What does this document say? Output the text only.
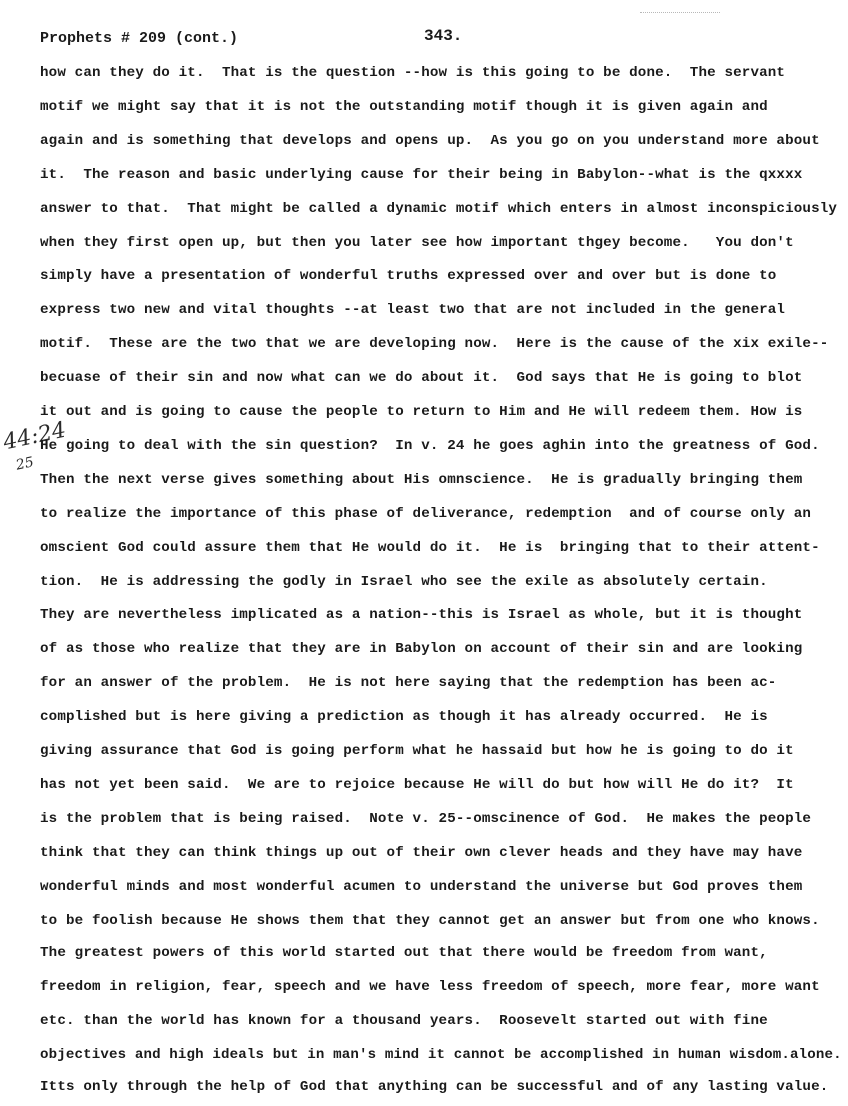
Prophets # 209 (cont.)	343.
44:24
25
how can they do it.  That is the question --how is this going to be done.  The servant
motif we might say that it is not the outstanding motif though it is given again and
again and is something that develops and opens up.  As you go on you understand more about
it.  The reason and basic underlying cause for their being in Babylon--what is the qxxxx
answer to that.  That might be called a dynamic motif which enters in almost inconspiciously
when they first open up, but then you later see how important thgey become.   You don't
simply have a presentation of wonderful truths expressed over and over but is done to
express two new and vital thoughts --at least two that are not included in the general
motif.  These are the two that we are developing now.  Here is the cause of the xix exile--
becuase of their sin and now what can we do about it.  God says that He is going to blot
it out and is going to cause the people to return to Him and He will redeem them. How is
He going to deal with the sin question?  In v. 24 he goes aghin into the greatness of God.
Then the next verse gives something about His omnscience.  He is gradually bringing them
to realize the importance of this phase of deliverance, redemption  and of course only an
omscient God could assure them that He would do it.  He is  bringing that to their attent-
tion.  He is addressing the godly in Israel who see the exile as absolutely certain.
They are nevertheless implicated as a nation--this is Israel as whole, but it is thought
of as those who realize that they are in Babylon on account of their sin and are looking
for an answer of the problem.  He is not here saying that the redemption has been ac-
complished but is here giving a prediction as though it has already occurred.  He is
giving assurance that God is going perform what he hassaid but how he is going to do it
has not yet been said.  We are to rejoice because He will do but how will He do it?  It
is the problem that is being raised.  Note v. 25--omscinence of God.  He makes the people
think that they can think things up out of their own clever heads and they have may have
wonderful minds and most wonderful acumen to understand the universe but God proves them
to be foolish because He shows them that they cannot get an answer but from one who knows.
The greatest powers of this world started out that there would be freedom from want,
freedom in religion, fear, speech and we have less freedom of speech, more fear, more want
etc. than the world has known for a thousand years.  Roosevelt started out with fine
objectives and high ideals but in man's mind it cannot be accomplished in human wisdom.alone.
Itts only through the help of God that anything can be successful and of any lasting value.
